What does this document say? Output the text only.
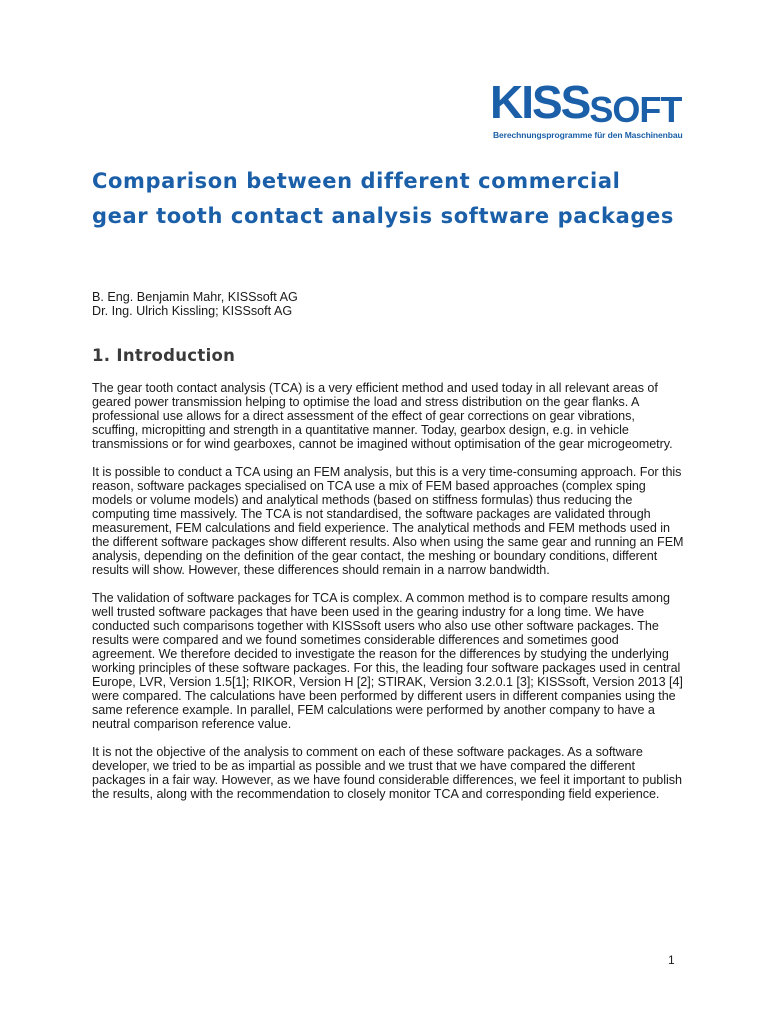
KISSSOFT
Berechnungsprogramme für den Maschinenbau
Comparison between different commercial gear tooth contact analysis software packages
B. Eng. Benjamin Mahr, KISSsoft AG
Dr. Ing. Ulrich Kissling; KISSsoft AG
1. Introduction

The gear tooth contact analysis (TCA) is a very efficient method and used today in all relevant areas of geared power transmission helping to optimise the load and stress distribution on the gear flanks. A professional use allows for a direct assessment of the effect of gear corrections on gear vibrations, scuffing, micropitting and strength in a quantitative manner. Today, gearbox design, e.g. in vehicle transmissions or for wind gearboxes, cannot be imagined without optimisation of the gear microgeometry.

It is possible to conduct a TCA using an FEM analysis, but this is a very time-consuming approach. For this reason, software packages specialised on TCA use a mix of FEM based approaches (complex sping models or volume models) and analytical methods (based on stiffness formulas) thus reducing the computing time massively. The TCA is not standardised, the software packages are validated through measurement, FEM calculations and field experience. The analytical methods and FEM methods used in the different software packages show different results. Also when using the same gear and running an FEM analysis, depending on the definition of the gear contact, the meshing or boundary conditions, different results will show. However, these differences should remain in a narrow bandwidth.

The validation of software packages for TCA is complex. A common method is to compare results among well trusted software packages that have been used in the gearing industry for a long time. We have conducted such comparisons together with KISSsoft users who also use other software packages. The results were compared and we found sometimes considerable differences and sometimes good agreement. We therefore decided to investigate the reason for the differences by studying the underlying working principles of these software packages. For this, the leading four software packages used in central Europe, LVR, Version 1.5[1]; RIKOR, Version H [2]; STIRAK, Version 3.2.0.1 [3]; KISSsoft, Version 2013 [4] were compared. The calculations have been performed by different users in different companies using the same reference example. In parallel, FEM calculations were performed by another company to have a neutral comparison reference value.

It is not the objective of the analysis to comment on each of these software packages. As a software developer, we tried to be as impartial as possible and we trust that we have compared the different packages in a fair way. However, as we have found considerable differences, we feel it important to publish the results, along with the recommendation to closely monitor TCA and corresponding field experience.

1
